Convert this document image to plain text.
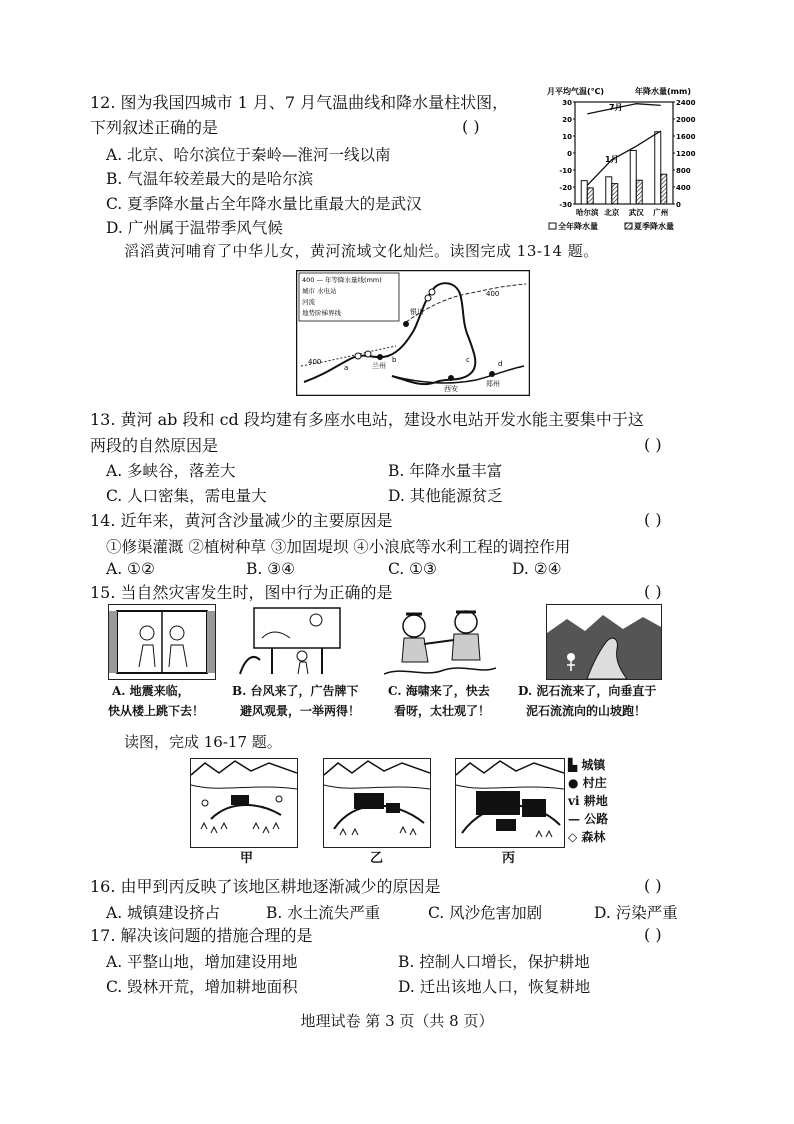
12. 图为我国四城市 1 月、7 月气温曲线和降水量柱状图，
下列叙述正确的是	( )
A. 北京、哈尔滨位于秦岭—淮河一线以南
B. 气温年较差最大的是哈尔滨
C. 夏季降水量占全年降水量比重最大的是武汉
D. 广州属于温带季风气候
月平均气温(℃)	年降水量(mm)
30
20
10
0
-10
-20
-30
2400
2000
1600
1200
800
400
0
哈尔滨 北京 武汉 广州
7月
1月
全年降水量	夏季降水量
滔滔黄河哺育了中华儿女，黄河流域文化灿烂。读图完成 13-14 题。
400 — 年等降水量线(mm)
城市 水电站
河流
地势阶梯界线	银川
兰州
西安
郑州
400
400
a
b	c	d
13. 黄河 ab 段和 cd 段均建有多座水电站，建设水电站开发水能主要集中于这
两段的自然原因是	( )
A. 多峡谷，落差大	B. 年降水量丰富
C. 人口密集，需电量大	D. 其他能源贫乏
14. 近年来，黄河含沙量减少的主要原因是	( )
①修渠灌溉 ②植树种草 ③加固堤坝 ④小浪底等水利工程的调控作用
A. ①②	B. ③④	C. ①③	D. ②④
15. 当自然灾害发生时，图中行为正确的是	( )
A. 地震来临，
快从楼上跳下去！
B. 台风来了，广告牌下
避风观景，一举两得！
C. 海啸来了，快去
看呀，太壮观了！
D. 泥石流来了，向垂直于
泥石流流向的山坡跑！
读图，完成 16-17 题。
▙ 城镇
● 村庄
ⅵ 耕地
— 公路
◇ 森林
甲	乙	丙
16. 由甲到丙反映了该地区耕地逐渐减少的原因是	( )
A. 城镇建设挤占	B. 水土流失严重	C. 风沙危害加剧	D. 污染严重
17. 解决该问题的措施合理的是	( )
A. 平整山地，增加建设用地	B. 控制人口增长，保护耕地
C. 毁林开荒，增加耕地面积	D. 迁出该地人口，恢复耕地
地理试卷 第 3 页（共 8 页）
